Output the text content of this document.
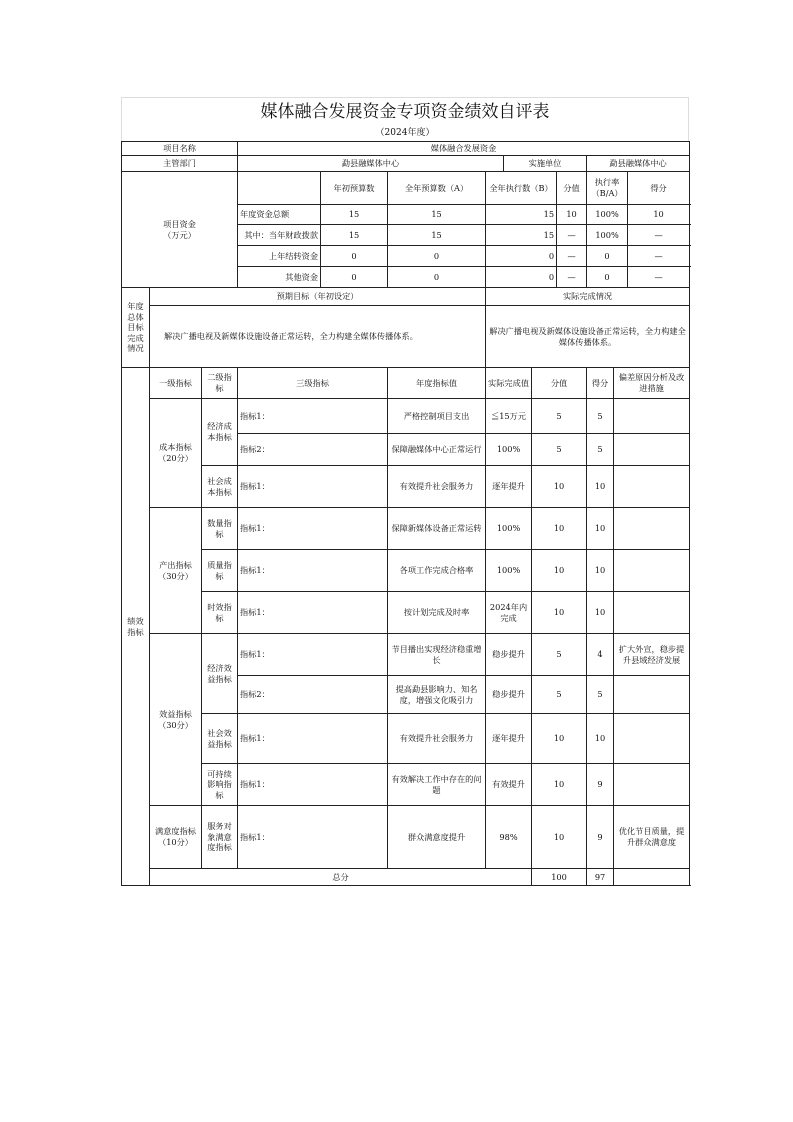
媒体融合发展资金专项资金绩效自评表
（2024年度）
项目名称			媒体融合发展资金									
主管部门			勐县融媒体中心				实施单位			勐县融媒体中心		
项目资金
（万元）				年初预算数	全年预算数（A）	全年执行数（B）			分值	执行率（B/A）		得分
			年度资金总额	15	15	15			10	100%		10
			其中：当年财政拨款	15	15	15			—	100%		—
			上年结转资金	0	0	0			—	0		—
			其他资金	0	0	0			—	0		—
年度总体目标完成情况	预期目标（年初设定）					实际完成情况						
	解决广播电视及新媒体设施设备正常运转，全力构建全媒体传播体系。					解决广播电视及新媒体设施设备正常运转，全力构建全媒体传播体系。						
绩效指标	一级指标	二级指标	三级指标		年度指标值	实际完成值		分值		得分	偏差原因分析及改进措施	
	成本指标（20分）	经济成本指标	指标1：		严格控制项目支出	≦15万元		5		5		
			指标2：		保障融媒体中心正常运行	100%		5		5		
		社会成本指标	指标1：		有效提升社会服务力	逐年提升		10		10		
	产出指标（30分）	数量指标	指标1：		保障新媒体设备正常运转	100%		10		10		
		质量指标	指标1：		各项工作完成合格率	100%		10		10		
		时效指标	指标1：		按计划完成及时率	2024年内完成		10		10		
	效益指标（30分）	经济效益指标	指标1：		节目播出实现经济稳重增长	稳步提升		5		4	扩大外宣，稳步提升县域经济发展	
			指标2：		提高勐县影响力、知名度，增强文化吸引力	稳步提升		5		5		
		社会效益指标	指标1：		有效提升社会服务力	逐年提升		10		10		
		可持续影响指标	指标1：		有效解决工作中存在的问题	有效提升		10		9		
	满意度指标（10分）	服务对象满意度指标	指标1：		群众满意度提升	98%		10		9	优化节目质量，提升群众满意度	
	总分							100		97		
